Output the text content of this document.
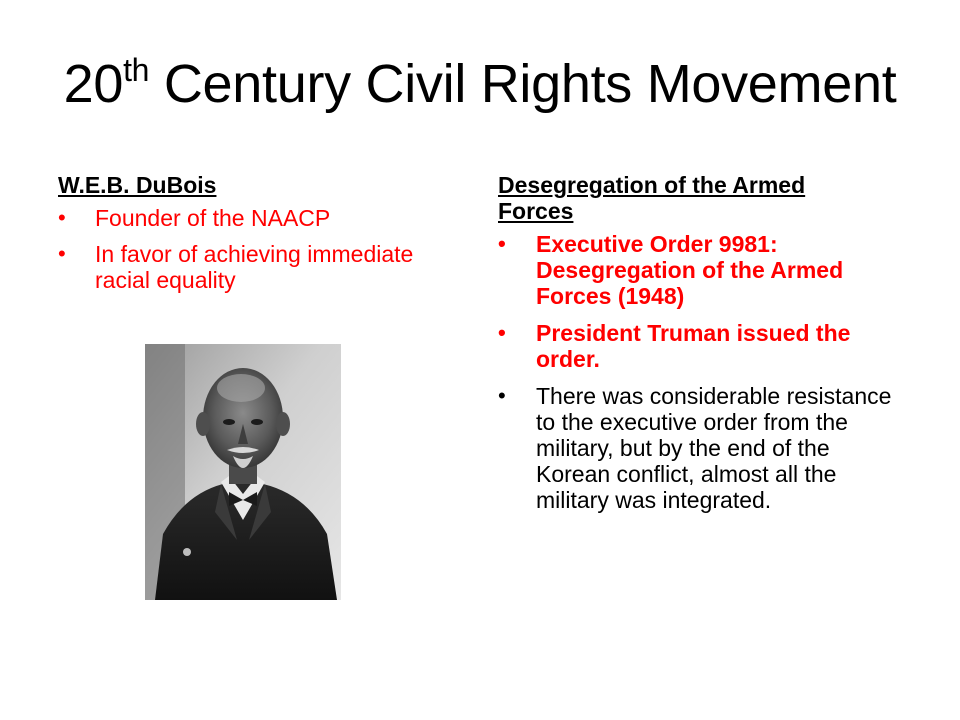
20th Century Civil Rights Movement
W.E.B. DuBois
•	Founder of the NAACP
•	In favor of achieving immediate racial equality
Desegregation of the Armed
Forces
•	Executive Order 9981: Desegregation of the Armed Forces (1948)
•	President Truman issued the order.
•	There was considerable resistance to the executive order from the military, but by the end of the Korean conflict, almost all the military was integrated.
